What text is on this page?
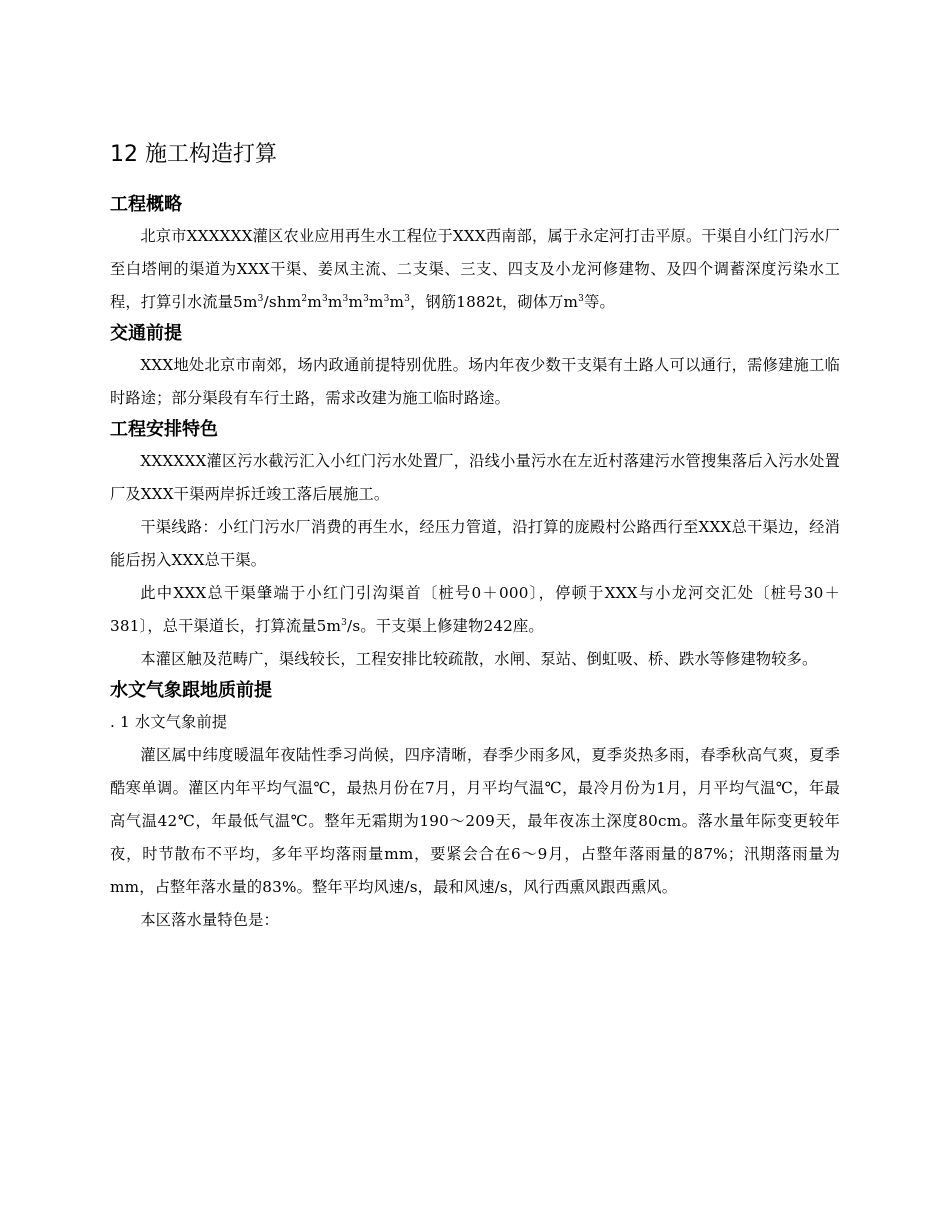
12 施工构造打算
工程概略

北京市XXXXXX灌区农业应用再生水工程位于XXX西南部，属于永定河打击平原。干渠自小红门污水厂至白塔闸的渠道为XXX干渠、姜凤主流、二支渠、三支、四支及小龙河修建物、及四个调蓄深度污染水工程，打算引水流量$5m^3/shm^2m^3m^3m^3m^3m^3$，钢筋1882t，砌体万$m^3$等。

交通前提

XXX地处北京市南郊，场内政通前提特别优胜。场内年夜少数干支渠有土路人可以通行，需修建施工临时路途；部分渠段有车行土路，需求改建为施工临时路途。

工程安排特色

XXXXXX灌区污水截污汇入小红门污水处置厂，沿线小量污水在左近村落建污水管搜集落后入污水处置厂及XXX干渠两岸拆迁竣工落后展施工。

干渠线路：小红门污水厂消费的再生水，经压力管道，沿打算的庞殿村公路西行至XXX总干渠边，经消能后拐入XXX总干渠。

此中XXX总干渠肇端于小红门引沟渠首〔桩号0＋000〕，停顿于XXX与小龙河交汇处〔桩号30＋381〕，总干渠道长，打算流量$5m^3/s$。干支渠上修建物242座。

本灌区触及范畴广，渠线较长，工程安排比较疏散，水闸、泵站、倒虹吸、桥、跌水等修建物较多。

水文气象跟地质前提

. 1 水文气象前提

灌区属中纬度暖温年夜陆性季习尚候，四序清晰，春季少雨多风，夏季炎热多雨，春季秋高气爽，夏季酷寒单调。灌区内年平均气温℃，最热月份在7月，月平均气温℃，最冷月份为1月，月平均气温℃，年最高气温42℃，年最低气温℃。整年无霜期为190～209天，最年夜冻土深度80cm。落水量年际变更较年夜，时节散布不平均，多年平均落雨量mm，要紧会合在6～9月，占整年落雨量的87%；汛期落雨量为mm，占整年落水量的83%。整年平均风速/s，最和风速/s，风行西熏风跟西熏风。

本区落水量特色是：
